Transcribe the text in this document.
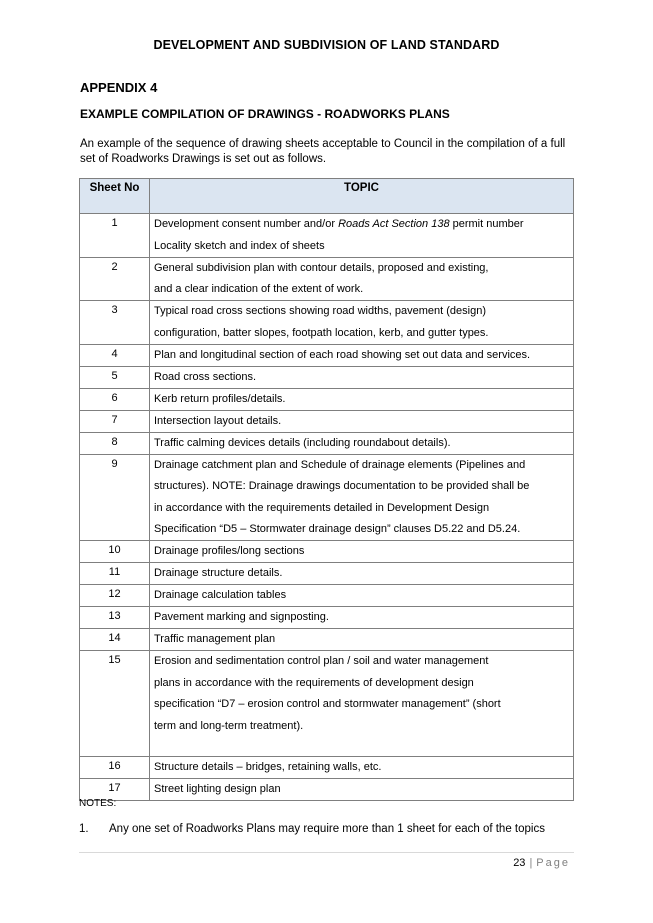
DEVELOPMENT AND SUBDIVISION OF LAND STANDARD
APPENDIX 4
EXAMPLE COMPILATION OF DRAWINGS - ROADWORKS PLANS
An example of the sequence of drawing sheets acceptable to Council in the compilation of a full set of Roadworks Drawings is set out as follows.
Sheet No	TOPIC
1	Development consent number and/or Roads Act Section 138 permit number
Locality sketch and index of sheets

2	General subdivision plan with contour details, proposed and existing,
and a clear indication of the extent of work.

3	Typical road cross sections showing road widths, pavement (design)
configuration, batter slopes, footpath location, kerb, and gutter types.

4	Plan and longitudinal section of each road showing set out data and services.

5	Road cross sections.

6	Kerb return profiles/details.

7	Intersection layout details.

8	Traffic calming devices details (including roundabout details).

9	Drainage catchment plan and Schedule of drainage elements (Pipelines and
structures). NOTE: Drainage drawings documentation to be provided shall be
in accordance with the requirements detailed in Development Design
Specification “D5 – Stormwater drainage design” clauses D5.22 and D5.24.

10	Drainage profiles/long sections

11	Drainage structure details.

12	Drainage calculation tables

13	Pavement marking and signposting.

14	Traffic management plan

15	Erosion and sedimentation control plan / soil and water management
plans in accordance with the requirements of development design
specification “D7 – erosion control and stormwater management” (short
term and long-term treatment).

16	Structure details – bridges, retaining walls, etc.

17	Street lighting design plan
NOTES:
1. Any one set of Roadworks Plans may require more than 1 sheet for each of the topics
23 | Page
